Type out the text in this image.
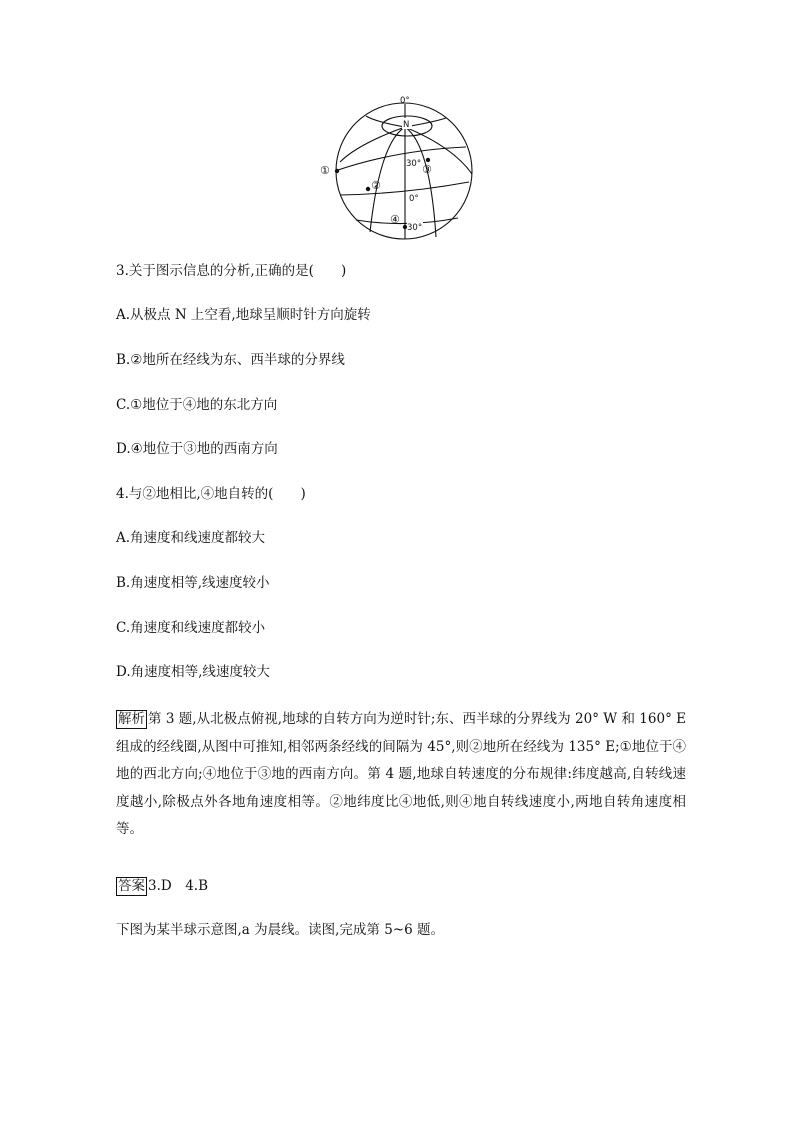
0°
N
30°
0°
30°
①
②
③
④
3.关于图示信息的分析,正确的是(　　)
A.从极点 N 上空看,地球呈顺时针方向旋转
B.②地所在经线为东、西半球的分界线
C.①地位于④地的东北方向
D.④地位于③地的西南方向
4.与②地相比,④地自转的(　　)
A.角速度和线速度都较大
B.角速度相等,线速度较小
C.角速度和线速度都较小
D.角速度相等,线速度较大
解析 第 3 题,从北极点俯视,地球的自转方向为逆时针;东、西半球的分界线为 20° W 和 160° E 组成的经线圈,从图中可推知,相邻两条经线的间隔为 45°,则②地所在经线为 135° E;①地位于④地的西北方向;④地位于③地的西南方向。第 4 题,地球自转速度的分布规律:纬度越高,自转线速度越小,除极点外各地角速度相等。②地纬度比④地低,则④地自转线速度小,两地自转角速度相等。
答案 3.D　4.B
下图为某半球示意图,a 为晨线。读图,完成第 5~6 题。
